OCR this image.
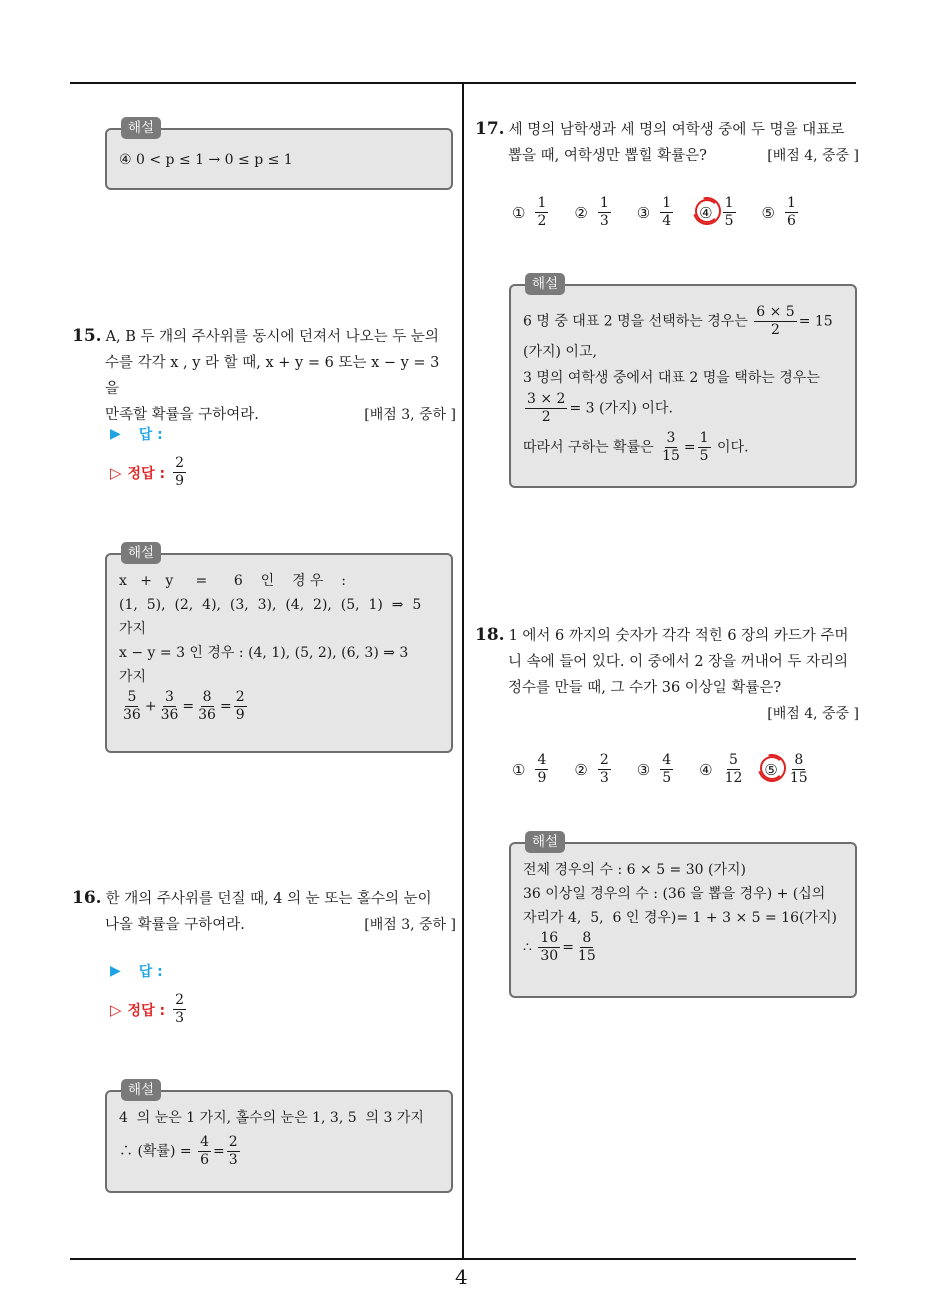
4
해설
④ 0 < p ≤ 1 → 0 ≤ p ≤ 1
15. A, B 두 개의 주사위를 동시에 던져서 나오는 두 눈의
수를 각각 x , y 라 할 때, x + y = 6 또는 x − y = 3 을
만족할 확률을 구하여라.	[배점 3, 중하 ]
▶ 답 :
▷ 정답 : $\frac{2}{9}$
해설
x   +   y     =      6    인    경 우    :
(1,  5),  (2,  4),  (3,  3),  (4,  2),  (5,  1)  ⇒  5
가지
x − y = 3 인 경우 : (4, 1), (5, 2), (6, 3) ⇒ 3
가지
$\frac{5}{36} + \frac{3}{36} = \frac{8}{36} = \frac{2}{9}$
16. 한 개의 주사위를 던질 때, 4 의 눈 또는 홀수의 눈이
나올 확률을 구하여라.	[배점 3, 중하 ]
▶ 답 :
▷ 정답 : $\frac{2}{3}$
해설
4  의 눈은 1 가지, 홀수의 눈은 1, 3, 5  의 3 가지
∴ (확률) = $\frac{4}{6} = \frac{2}{3}$
17. 세 명의 남학생과 세 명의 여학생 중에 두 명을 대표로
뽑을 때, 여학생만 뽑힐 확률은?	[배점 4, 중중 ]
① $\frac{1}{2}$ ② $\frac{1}{3}$ ③ $\frac{1}{4}$ ④ $\frac{1}{5}$ ⑤ $\frac{1}{6}$
해설
6 명 중 대표 2 명을 선택하는 경우는 $\frac{6 \times 5}{2} = 15$
(가지) 이고,
3 명의 여학생 중에서 대표 2 명을 택하는 경우는
$\frac{3 \times 2}{2} = 3$ (가지) 이다.
따라서 구하는 확률은 $\frac{3}{15} = \frac{1}{5}$ 이다.
18. 1 에서 6 까지의 숫자가 각각 적힌 6 장의 카드가 주머
니 속에 들어 있다. 이 중에서 2 장을 꺼내어 두 자리의
정수를 만들 때, 그 수가 36 이상일 확률은?
[배점 4, 중중 ]
① $\frac{4}{9}$ ② $\frac{2}{3}$ ③ $\frac{4}{5}$ ④ $\frac{5}{12}$ ⑤ $\frac{8}{15}$
해설
전체 경우의 수 : 6 × 5 = 30 (가지)
36 이상일 경우의 수 : (36 을 뽑을 경우) + (십의
자리가 4,  5,  6 인 경우)= 1 + 3 × 5 = 16(가지)
∴ $\frac{16}{30} = \frac{8}{15}$
